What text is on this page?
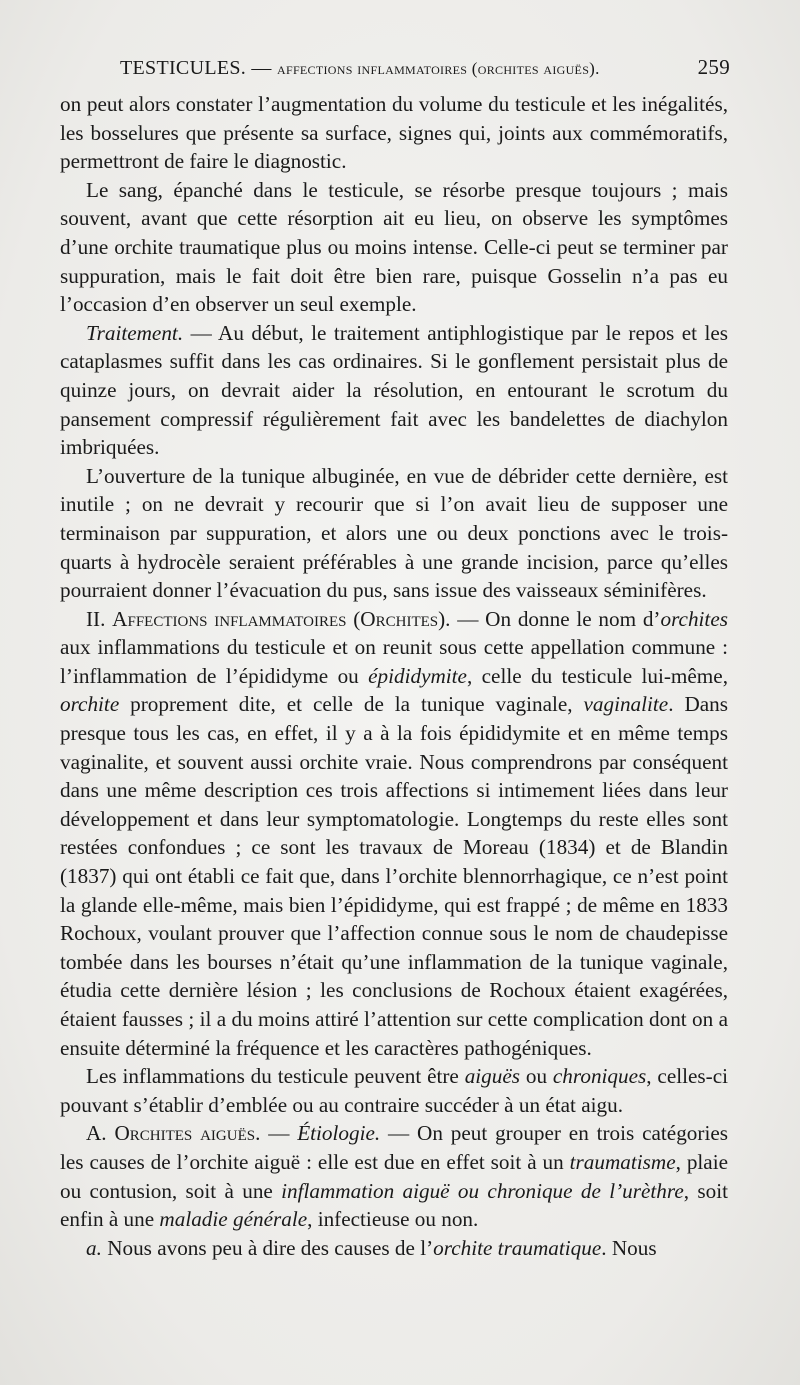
TESTICULES. — affections inflammatoires (orchites aiguës).	259

on peut alors constater l’augmentation du volume du testicule et les inégalités, les bosselures que présente sa surface, signes qui, joints aux commémoratifs, permettront de faire le diagnostic.

Le sang, épanché dans le testicule, se résorbe presque toujours ; mais souvent, avant que cette résorption ait eu lieu, on observe les symptômes d’une orchite traumatique plus ou moins intense. Celle-ci peut se terminer par suppuration, mais le fait doit être bien rare, puisque Gosselin n’a pas eu l’occasion d’en observer un seul exemple.

Traitement. — Au début, le traitement antiphlogistique par le repos et les cataplasmes suffit dans les cas ordinaires. Si le gonflement persistait plus de quinze jours, on devrait aider la résolution, en entourant le scrotum du pansement compressif régulièrement fait avec les bandelettes de diachylon imbriquées.

L’ouverture de la tunique albuginée, en vue de débrider cette dernière, est inutile ; on ne devrait y recourir que si l’on avait lieu de supposer une terminaison par suppuration, et alors une ou deux ponctions avec le trois-quarts à hydrocèle seraient préférables à une grande incision, parce qu’elles pourraient donner l’évacuation du pus, sans issue des vaisseaux séminifères.

II. Affections inflammatoires (Orchites). — On donne le nom d’orchites aux inflammations du testicule et on reunit sous cette appellation commune : l’inflammation de l’épididyme ou épididymite, celle du testicule lui-même, orchite proprement dite, et celle de la tunique vaginale, vaginalite. Dans presque tous les cas, en effet, il y a à la fois épididymite et en même temps vaginalite, et souvent aussi orchite vraie. Nous comprendrons par conséquent dans une même description ces trois affections si intimement liées dans leur développement et dans leur symptomatologie. Longtemps du reste elles sont restées confondues ; ce sont les travaux de Moreau (1834) et de Blandin (1837) qui ont établi ce fait que, dans l’orchite blennorrhagique, ce n’est point la glande elle-même, mais bien l’épididyme, qui est frappé ; de même en 1833 Rochoux, voulant prouver que l’affection connue sous le nom de chaudepisse tombée dans les bourses n’était qu’une inflammation de la tunique vaginale, étudia cette dernière lésion ; les conclusions de Rochoux étaient exagérées, étaient fausses ; il a du moins attiré l’attention sur cette complication dont on a ensuite déterminé la fréquence et les caractères pathogéniques.

Les inflammations du testicule peuvent être aiguës ou chroniques, celles-ci pouvant s’établir d’emblée ou au contraire succéder à un état aigu.

A. Orchites aiguës. — Étiologie. — On peut grouper en trois catégories les causes de l’orchite aiguë : elle est due en effet soit à un traumatisme, plaie ou contusion, soit à une inflammation aiguë ou chronique de l’urèthre, soit enfin à une maladie générale, infectieuse ou non.

a. Nous avons peu à dire des causes de l’orchite traumatique. Nous
